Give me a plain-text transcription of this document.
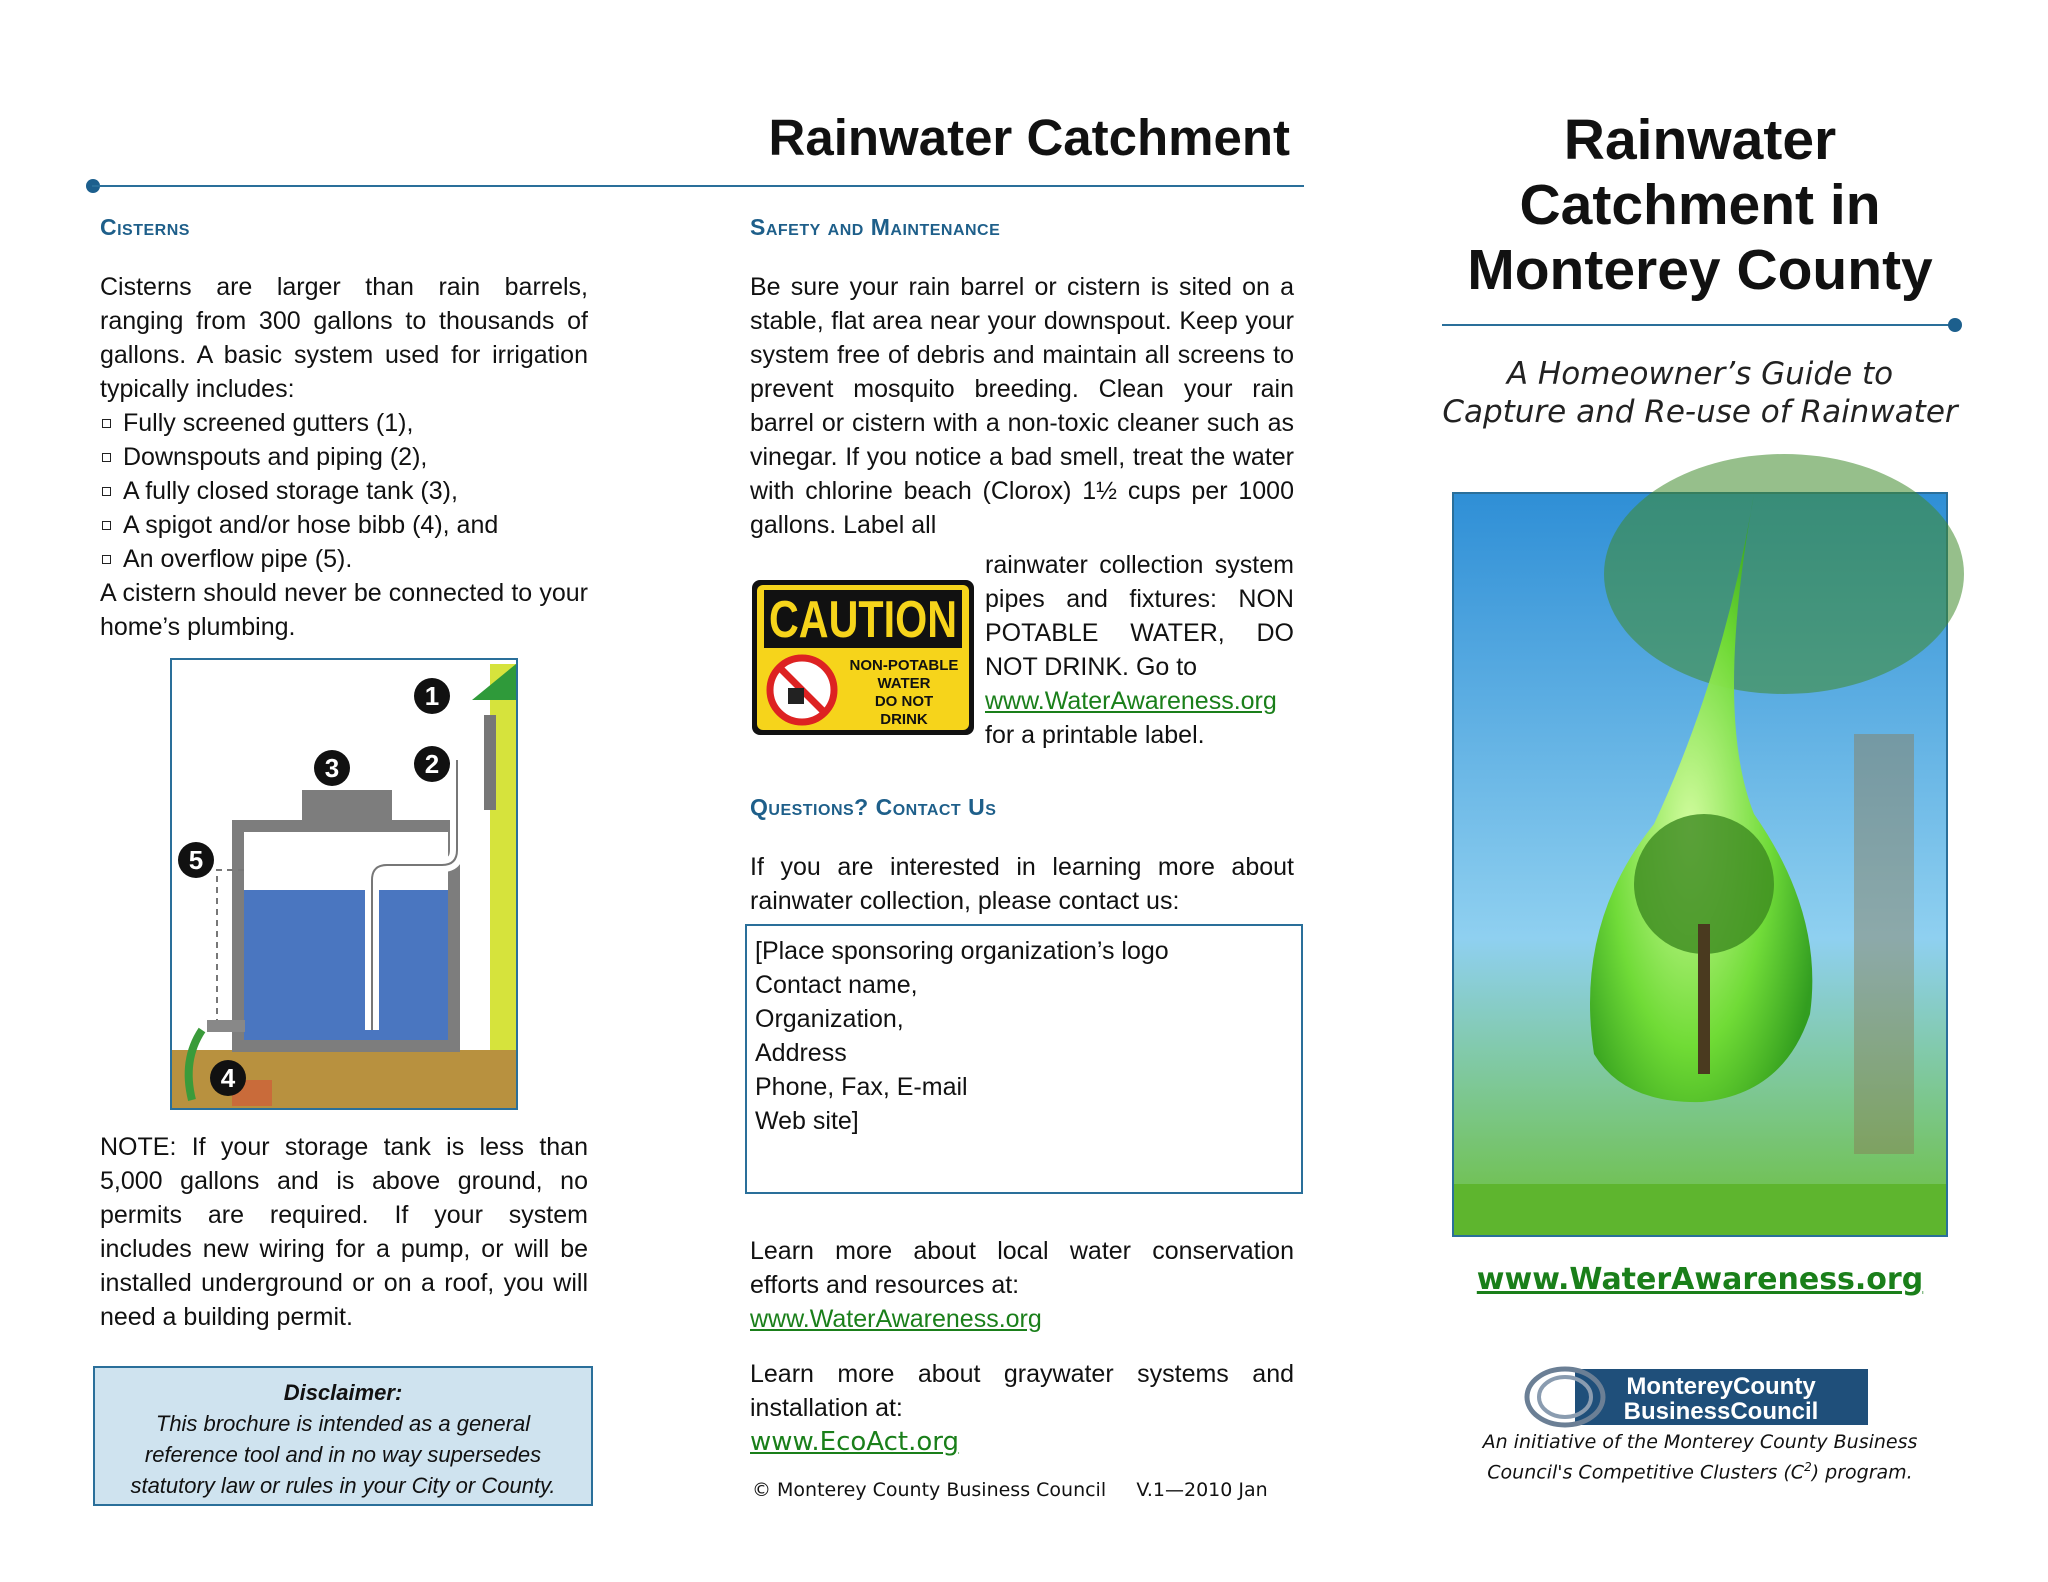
Rainwater Catchment
Cisterns
Cisterns are larger than rain barrels, ranging from 300 gallons to thousands of gallons. A basic system used for irrigation typically includes:
Fully screened gutters (1),
Downspouts and piping (2),
A fully closed storage tank (3),
A spigot and/or hose bibb (4), and
An overflow pipe (5).
A cistern should never be connected to your home’s plumbing.
1
2
3
4
5
NOTE: If your storage tank is less than 5,000 gallons and is above ground, no permits are required. If your system includes new wiring for a pump, or will be installed underground or on a roof, you will need a building permit.
Disclaimer:
This brochure is intended as a general reference tool and in no way supersedes statutory law or rules in your City or County.
Safety and Maintenance
Be sure your rain barrel or cistern is sited on a stable, flat area near your downspout. Keep your system free of debris and maintain all screens to prevent mosquito breeding. Clean your rain barrel or cistern with a non-toxic cleaner such as vinegar. If you notice a bad smell, treat the water with chlorine beach (Clorox) 1½ cups per 1000 gallons. Label all
CAUTION
NON-POTABLE
WATER
DO NOT
DRINK
rainwater collection system pipes and fixtures: NON POTABLE WATER, DO NOT DRINK. Go to
www.WaterAwareness.org
for a printable label.
Questions? Contact Us
If you are interested in learning more about rainwater collection, please contact us:
[Place sponsoring organization’s logo
Contact name,
Organization,
Address
Phone, Fax, E-mail
Web site]
Learn more about local water conservation efforts and resources at:
www.WaterAwareness.org
Learn more about graywater systems and installation at:
www.EcoAct.org
© Monterey County Business Council     V.1—2010 Jan
Rainwater Catchment in Monterey County
A Homeowner’s Guide to Capture and Re-use of Rainwater
www.WaterAwareness.org
MontereyCounty
BusinessCouncil
An initiative of the Monterey County Business
Council's Competitive Clusters $(C^2)$ program.
